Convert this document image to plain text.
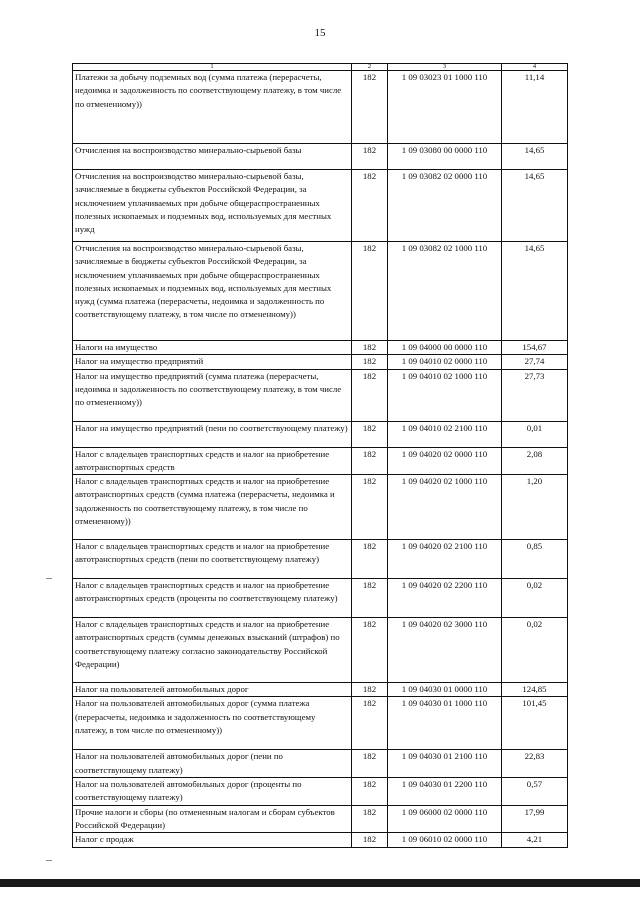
15
1	2	3	4
Платежи за добычу подземных вод (сумма платежа (перерасчеты, недоимка и задолженность по соответствующему платежу, в том числе по отмененному))	182	1 09 03023 01 1000 110	11,14
Отчисления на воспроизводство минерально-сырьевой базы	182	1 09 03080 00 0000 110	14,65
Отчисления на воспроизводство минерально-сырьевой базы, зачисляемые в бюджеты субъектов Российской Федерации, за исключением уплачиваемых при добыче общераспространенных полезных ископаемых и подземных вод, используемых для местных нужд	182	1 09 03082 02 0000 110	14,65
Отчисления на воспроизводство минерально-сырьевой базы, зачисляемые в бюджеты субъектов Российской Федерации, за исключением уплачиваемых при добыче общераспространенных полезных ископаемых и подземных вод, используемых для местных нужд (сумма платежа (перерасчеты, недоимка и задолженность по соответствующему платежу, в том числе по отмененному))	182	1 09 03082 02 1000 110	14,65
Налоги на имущество	182	1 09 04000 00 0000 110	154,67
Налог на имущество предприятий	182	1 09 04010 02 0000 110	27,74
Налог на имущество предприятий (сумма платежа (перерасчеты, недоимка и задолженность по соответствующему платежу, в том числе по отмененному))	182	1 09 04010 02 1000 110	27,73
Налог на имущество предприятий (пени по соответствующему платежу)	182	1 09 04010 02 2100 110	0,01
Налог с владельцев транспортных средств и налог на приобретение автотранспортных средств	182	1 09 04020 02 0000 110	2,08
Налог с владельцев транспортных средств и налог на приобретение автотранспортных средств (сумма платежа (перерасчеты, недоимка и задолженность по соответствующему платежу, в том числе по отмененному))	182	1 09 04020 02 1000 110	1,20
Налог с владельцев транспортных средств и налог на приобретение автотранспортных средств (пени по соответствующему платежу)	182	1 09 04020 02 2100 110	0,85
Налог с владельцев транспортных средств и налог на приобретение автотранспортных средств (проценты по соответствующему платежу)	182	1 09 04020 02 2200 110	0,02
Налог с владельцев транспортных средств и налог на приобретение автотранспортных средств (суммы денежных взысканий (штрафов) по соответствующему платежу согласно законодательству Российской Федерации)	182	1 09 04020 02 3000 110	0,02
Налог на пользователей автомобильных дорог	182	1 09 04030 01 0000 110	124,85
Налог на пользователей автомобильных дорог (сумма платежа (перерасчеты, недоимка и задолженность по соответствующему платежу, в том числе по отмененному))	182	1 09 04030 01 1000 110	101,45
Налог на пользователей автомобильных дорог (пени по соответствующему платежу)	182	1 09 04030 01 2100 110	22,83
Налог на пользователей автомобильных дорог (проценты по соответствующему платежу)	182	1 09 04030 01 2200 110	0,57
Прочие налоги и сборы (по отмененным налогам и сборам субъектов Российской Федерации)	182	1 09 06000 02 0000 110	17,99
Налог с продаж	182	1 09 06010 02 0000 110	4,21
